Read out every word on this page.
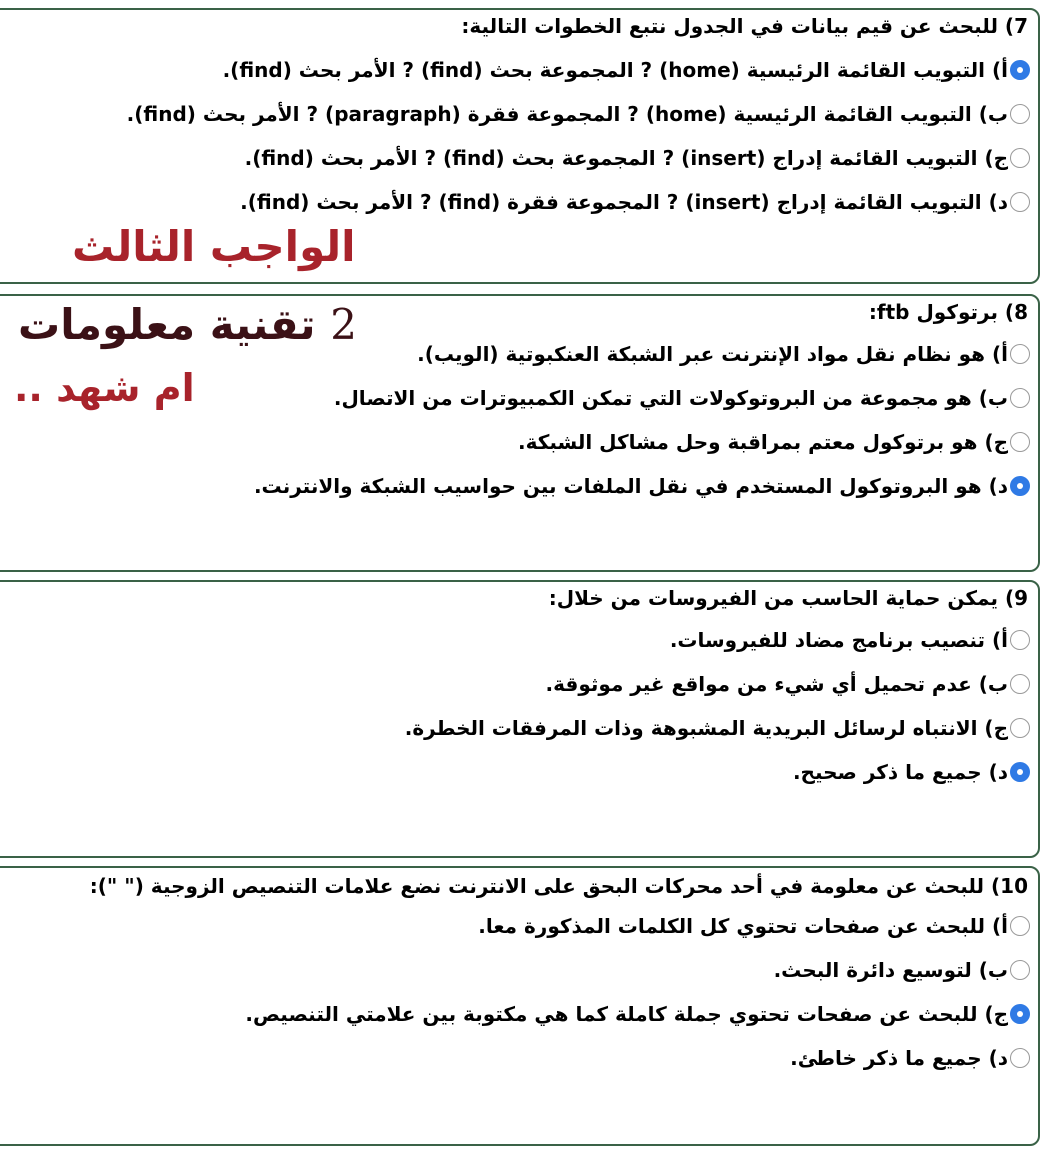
7) للبحث عن قيم بيانات في الجدول نتبع الخطوات التالية:
أ) التبويب القائمة الرئيسية (home) ? المجموعة بحث (find) ? الأمر بحث (find).
ب) التبويب القائمة الرئيسية (home) ? المجموعة فقرة (paragraph) ? الأمر بحث (find).
ج) التبويب القائمة إدراج (insert) ? المجموعة بحث (find) ? الأمر بحث (find).
د) التبويب القائمة إدراج (insert) ? المجموعة فقرة (find) ? الأمر بحث (find).
8) برتوكول ftb:
أ) هو نظام نقل مواد الإنترنت عبر الشبكة العنكبوتية (الويب).
ب) هو مجموعة من البروتوكولات التي تمكن الكمبيوترات من الاتصال.
ج) هو برتوكول معتم بمراقبة وحل مشاكل الشبكة.
د) هو البروتوكول المستخدم في نقل الملفات بين حواسيب الشبكة والانترنت.
9) يمكن حماية الحاسب من الفيروسات من خلال:
أ) تنصيب برنامج مضاد للفيروسات.
ب) عدم تحميل أي شيء من مواقع غير موثوقة.
ج) الانتباه لرسائل البريدية المشبوهة وذات المرفقات الخطرة.
د) جميع ما ذكر صحيح.
10) للبحث عن معلومة في أحد محركات البحق على الانترنت نضع علامات التنصيص الزوجية (" "):
أ) للبحث عن صفحات تحتوي كل الكلمات المذكورة معا.
ب) لتوسيع دائرة البحث.
ج) للبحث عن صفحات تحتوي جملة كاملة كما هي مكتوبة بين علامتي التنصيص.
د) جميع ما ذكر خاطئ.
الواجب الثالث
2 تقنية معلومات
ام شهد ..
